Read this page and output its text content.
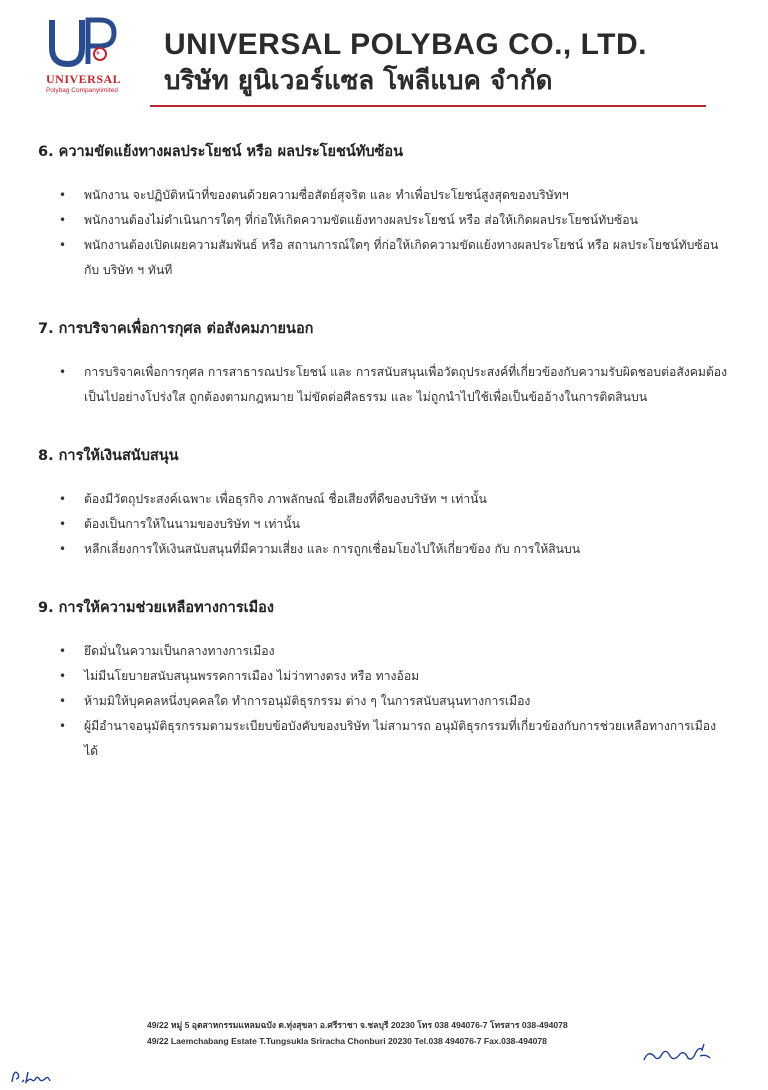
*
UNIVERSAL
Polybag Companylimited
UNIVERSAL POLYBAG CO., LTD.
บริษัท ยูนิเวอร์แซล โพลีแบค จำกัด
6. ความขัดแย้งทางผลประโยชน์ หรือ ผลประโยชน์ทับซ้อน
• พนักงาน จะปฏิบัติหน้าที่ของตนด้วยความซื่อสัตย์สุจริต และ ทำเพื่อประโยชน์สูงสุดของบริษัทฯ
• พนักงานต้องไม่ดำเนินการใดๆ ที่ก่อให้เกิดความขัดแย้งทางผลประโยชน์ หรือ ส่อให้เกิดผลประโยชน์ทับซ้อน
• พนักงานต้องเปิดเผยความสัมพันธ์ หรือ สถานการณ์ใดๆ ที่ก่อให้เกิดความขัดแย้งทางผลประโยชน์ หรือ ผลประโยชน์ทับซ้อน กับ บริษัท ฯ ทันที
7. การบริจาคเพื่อการกุศล ต่อสังคมภายนอก
• การบริจาคเพื่อการกุศล การสาธารณประโยชน์ และ การสนับสนุนเพื่อวัตถุประสงค์ที่เกี่ยวข้องกับความรับผิดชอบต่อสังคมต้อง เป็นไปอย่างโปร่งใส ถูกต้องตามกฎหมาย ไม่ขัดต่อศีลธรรม และ ไม่ถูกนำไปใช้เพื่อเป็นข้ออ้างในการติดสินบน
8. การให้เงินสนับสนุน
• ต้องมีวัตถุประสงค์เฉพาะ เพื่อธุรกิจ ภาพลักษณ์ ชื่อเสียงที่ดีของบริษัท ฯ เท่านั้น
• ต้องเป็นการให้ในนามของบริษัท ฯ เท่านั้น
• หลีกเลี่ยงการให้เงินสนับสนุนที่มีความเสี่ยง และ การถูกเชื่อมโยงไปให้เกี่ยวข้อง กับ การให้สินบน
9. การให้ความช่วยเหลือทางการเมือง
• ยึดมั่นในความเป็นกลางทางการเมือง
• ไม่มีนโยบายสนับสนุนพรรคการเมือง ไม่ว่าทางตรง หรือ ทางอ้อม
• ห้ามมิให้บุคคลหนึ่งบุคคลใด ทำการอนุมัติธุรกรรม ต่าง ๆ ในการสนับสนุนทางการเมือง
• ผู้มีอำนาจอนุมัติธุรกรรมตามระเบียบข้อบังคับของบริษัท ไม่สามารถ อนุมัติธุรกรรมที่เกี่ยวข้องกับการช่วยเหลือทางการเมืองได้
49/22 หมู่ 5 อุตสาหกรรมแหลมฉบัง ต.ทุ่งสุขลา อ.ศรีราชา จ.ชลบุรี 20230 โทร 038 494076-7 โทรสาร 038-494078
49/22 Laemchabang Estate T.Tungsukla Sriracha Chonburi 20230 Tel.038 494076-7 Fax.038-494078
